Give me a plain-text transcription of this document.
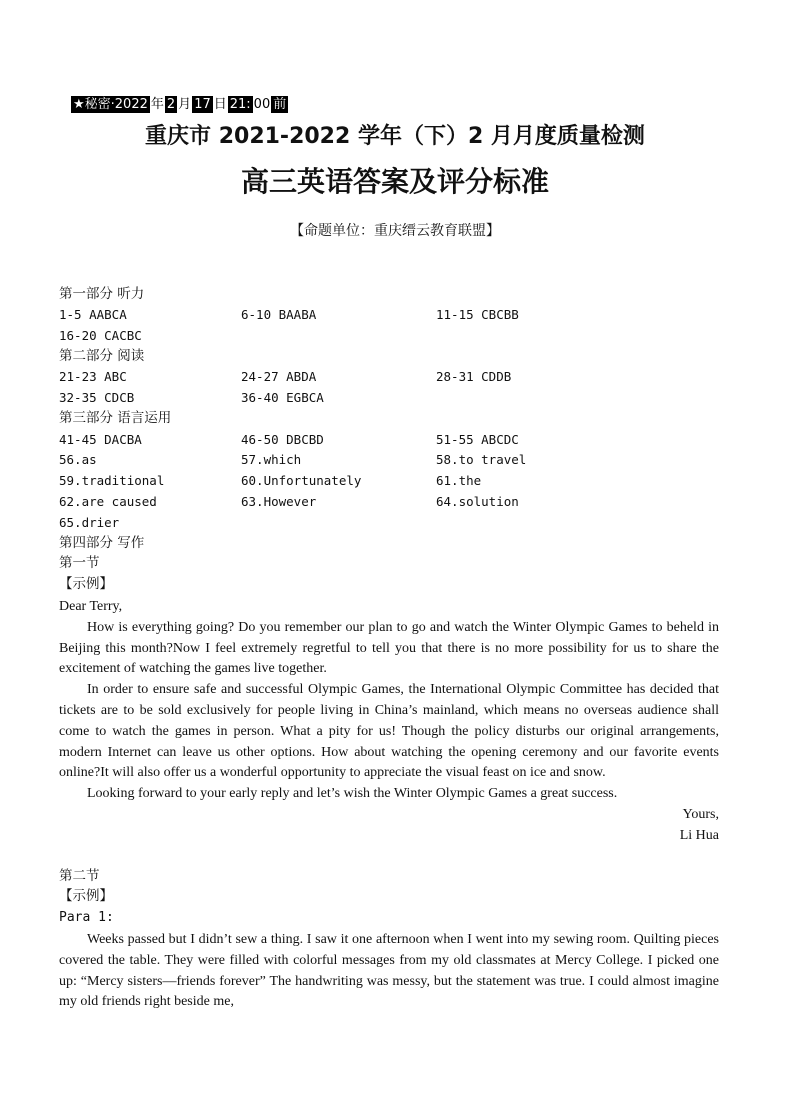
★秘密·2022 年 2 月 17 日 21: 00 前
重庆市 2021-2022 学年（下）2 月月度质量检测
高三英语答案及评分标准
【命题单位：重庆缙云教育联盟】
第一部分 听力
1-5 AABCA	6-10 BAABA	11-15 CBCBB
16-20 CACBC
第二部分 阅读
21-23 ABC	24-27 ABDA	28-31 CDDB
32-35 CDCB	36-40 EGBCA
第三部分 语言运用
41-45 DACBA	46-50 DBCBD	51-55 ABCDC
56.as	57.which	58.to travel
59.traditional	60.Unfortunately	61.the
62.are caused	63.However	64.solution
65.drier
第四部分 写作
第一节
【示例】

Dear Terry,

How is everything going? Do you remember our plan to go and watch the Winter Olympic Games to beheld in Beijing this month?Now I feel extremely regretful to tell you that there is no more possibility for us to share the excitement of watching the games live together.

In order to ensure safe and successful Olympic Games, the International Olympic Committee has decided that tickets are to be sold exclusively for people living in China’s mainland, which means no overseas audience shall come to watch the games in person. What a pity for us! Though the policy disturbs our original arrangements, modern Internet can leave us other options. How about watching the opening ceremony and our favorite events online?It will also offer us a wonderful opportunity to appreciate the visual feast on ice and snow.

Looking forward to your early reply and let’s wish the Winter Olympic Games a great success.

Yours,

Li Hua

第二节
【示例】
Para 1:

Weeks passed but I didn’t sew a thing. I saw it one afternoon when I went into my sewing room. Quilting pieces covered the table. They were filled with colorful messages from my old classmates at Mercy College. I picked one up: “Mercy sisters—friends forever” The handwriting was messy, but the statement was true. I could almost imagine my old friends right beside me,
